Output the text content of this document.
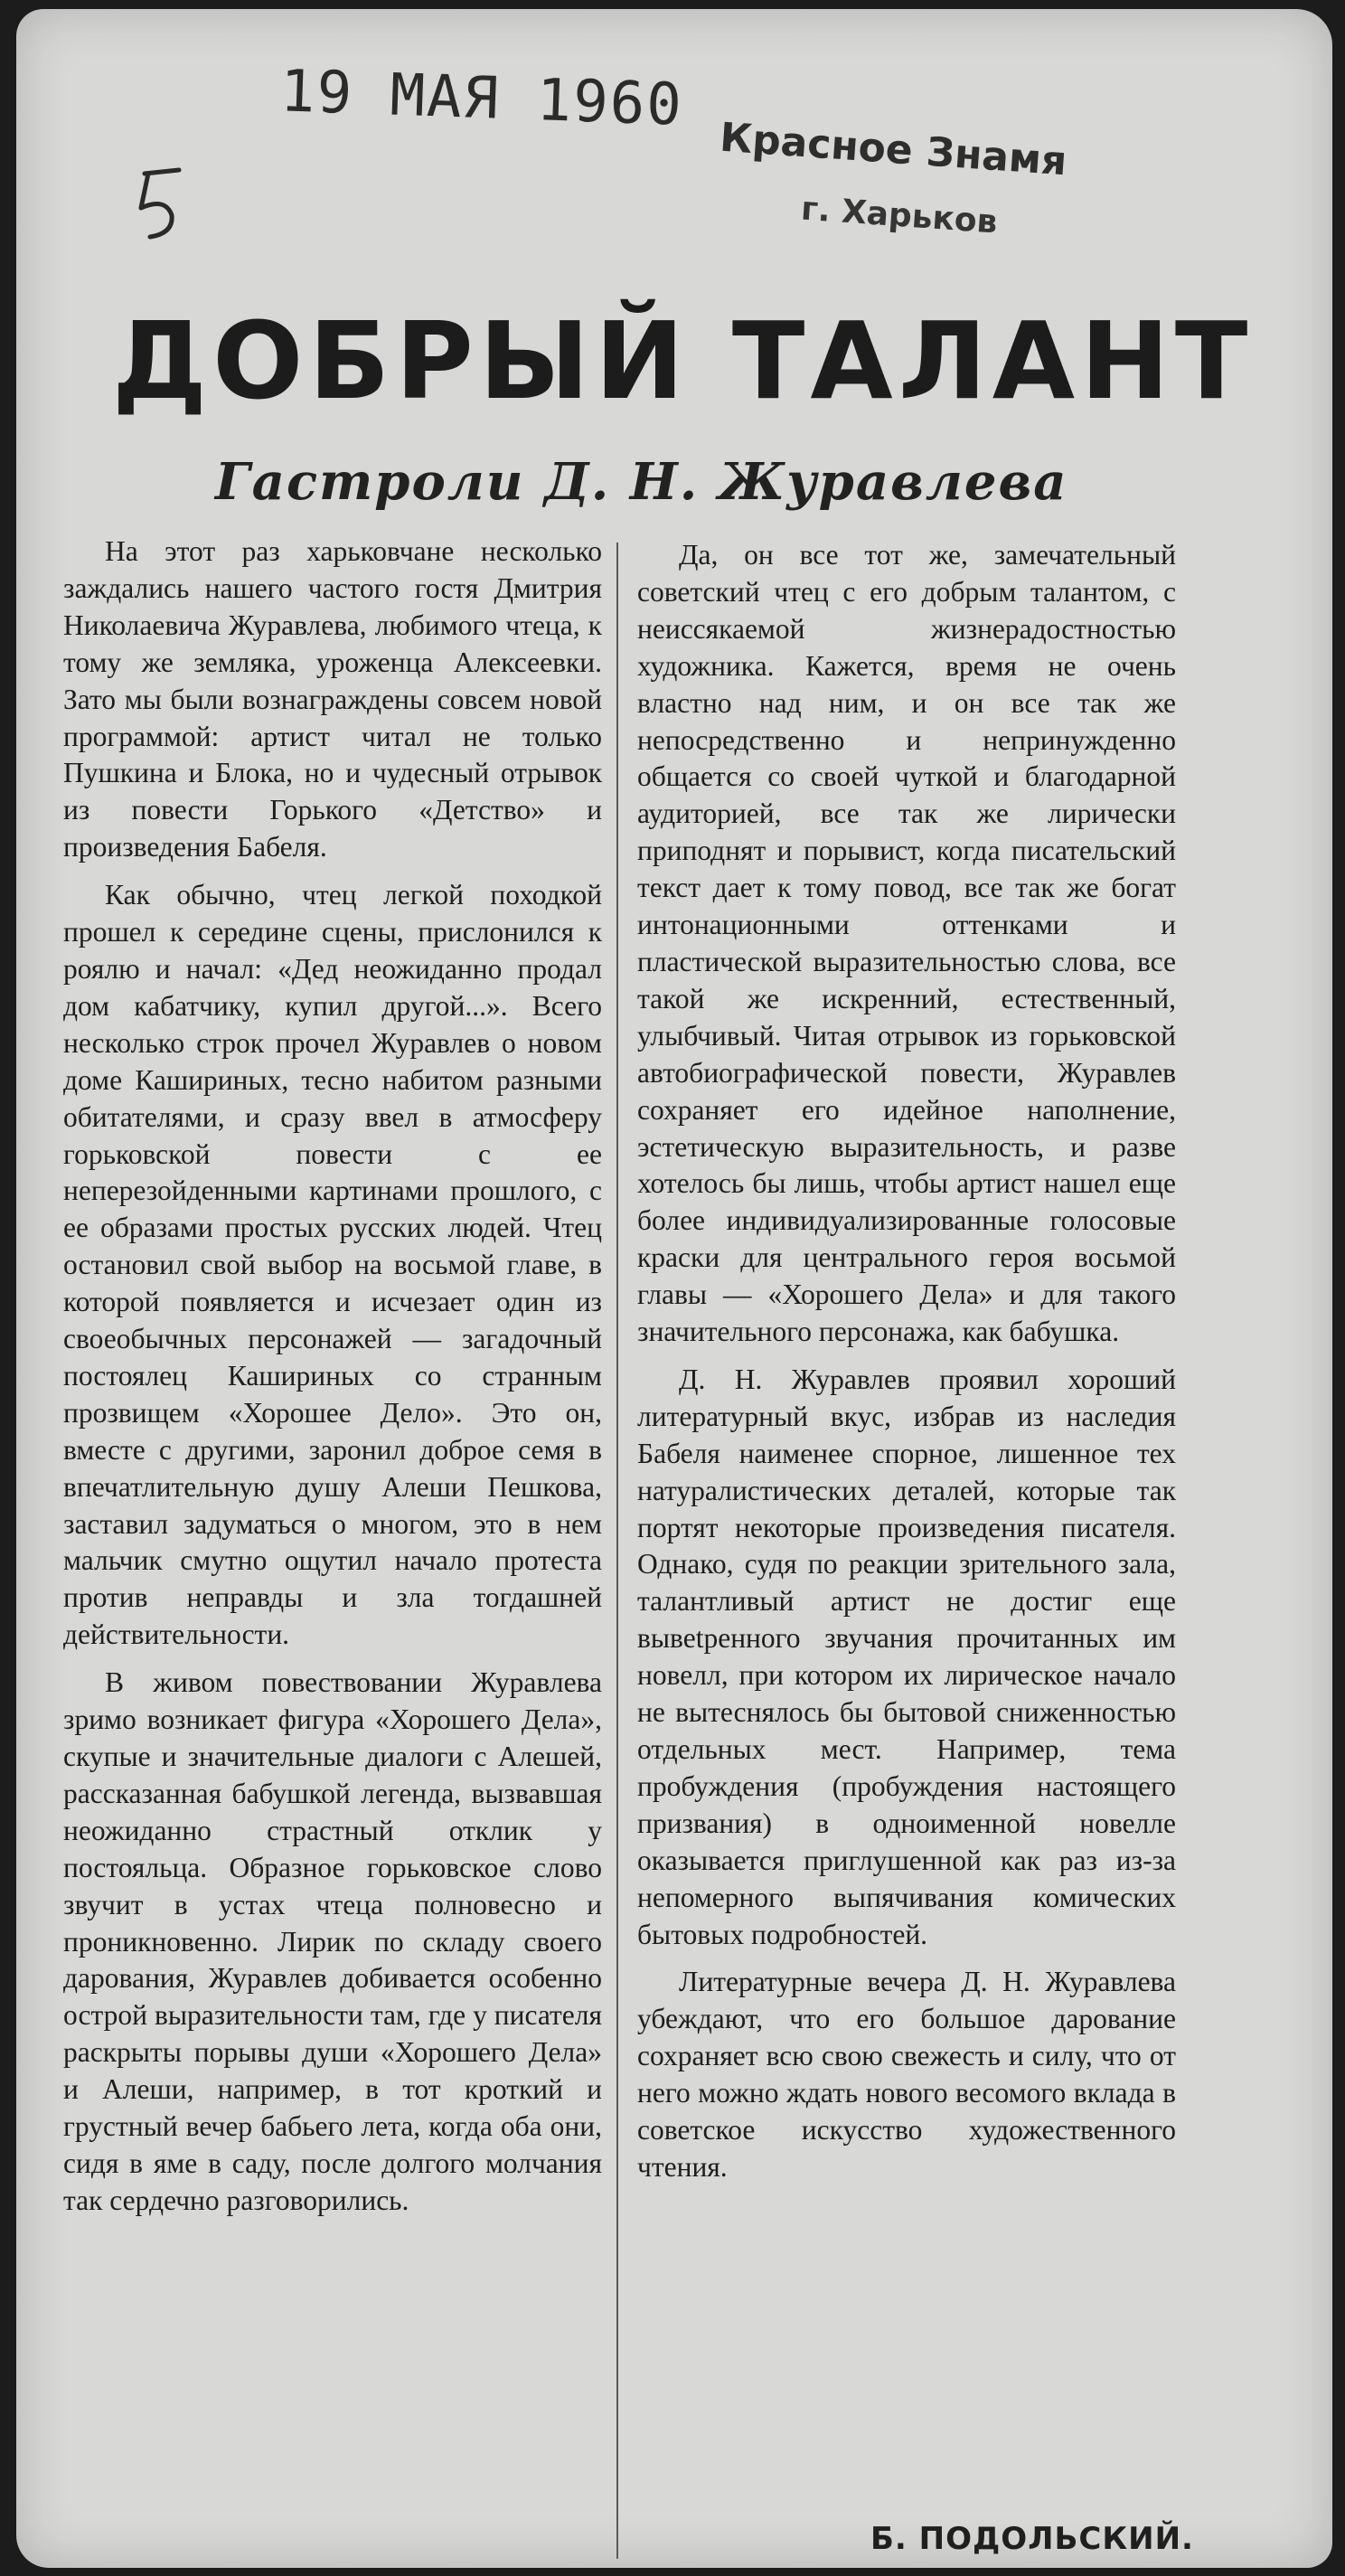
19 МАЯ 1960
Красное Знамя
г. Харьков
ДОБРЫЙ ТАЛАНТ
Гастроли Д. Н. Журавлева

На этот раз харьковчане несколько заждались нашего частого гостя Дмитрия Николаевича Журавлева, любимого чтеца, к тому же земляка, уроженца Алексеевки. Зато мы были вознаграждены совсем новой программой: артист читал не только Пушкина и Блока, но и чудесный отрывок из повести Горького «Детство» и произведения Бабеля.

Как обычно, чтец легкой походкой прошел к середине сцены, прислонился к роялю и начал: «Дед неожиданно продал дом кабатчику, купил другой...». Всего несколько строк прочел Журавлев о новом доме Кашириных, тесно набитом разными обитателями, и сразу ввел в атмосферу горьковской повести с ее неперезойденными картинами прошлого, с ее образами простых русских людей. Чтец остановил свой выбор на восьмой главе, в которой появляется и исчезает один из своеобычных персонажей — загадочный постоялец Кашириных со странным прозвищем «Хорошее Дело». Это он, вместе с другими, заронил доброе семя в впечатлительную душу Алеши Пешкова, заставил задуматься о многом, это в нем мальчик смутно ощутил начало протеста против неправды и зла тогдашней действительности.

В живом повествовании Журавлева зримо возникает фигура «Хорошего Дела», скупые и значительные диалоги с Алешей, рассказанная бабушкой легенда, вызвавшая неожиданно страстный отклик у постояльца. Образное горьковское слово звучит в устах чтеца полновесно и проникновенно. Лирик по складу своего дарования, Журавлев добивается особенно острой выразительности там, где у писателя раскрыты порывы души «Хорошего Дела» и Алеши, например, в тот кроткий и грустный вечер бабьего лета, когда оба они, сидя в яме в саду, после долгого молчания так сердечно разговорились.

Да, он все тот же, замечательный советский чтец с его добрым талантом, с неиссякаемой жизнерадостностью художника. Кажется, время не очень властно над ним, и он все так же непосредственно и непринужденно общается со своей чуткой и благодарной аудиторией, все так же лирически приподнят и порывист, когда писательский текст дает к тому повод, все так же богат интонационными оттенками и пластической выразительностью слова, все такой же искренний, естественный, улыбчивый. Читая отрывок из горьковской автобиографической повести, Журавлев сохраняет его идейное наполнение, эстетическую выразительность, и разве хотелось бы лишь, чтобы артист нашел еще более индивидуализированные голосовые краски для центрального героя восьмой главы — «Хорошего Дела» и для такого значительного персонажа, как бабушка.

Д. Н. Журавлев проявил хороший литературный вкус, избрав из наследия Бабеля наименее спорное, лишенное тех натуралистических деталей, которые так портят некоторые произведения писателя. Однако, судя по реакции зрительного зала, талантливый артист не достиг еще вывеtренного звучания прочитанных им новелл, при котором их лирическое начало не вытеснялось бы бытовой сниженностью отдельных мест. Например, тема пробуждения (пробуждения настоящего призвания) в одноименной новелле оказывается приглушенной как раз из-за непомерного выпячивания комических бытовых подробностей.

Литературные вечера Д. Н. Журавлева убеждают, что его большое дарование сохраняет всю свою свежесть и силу, что от него можно ждать нового весомого вклада в советское искусство художественного чтения.

Б. ПОДОЛЬСКИЙ.
